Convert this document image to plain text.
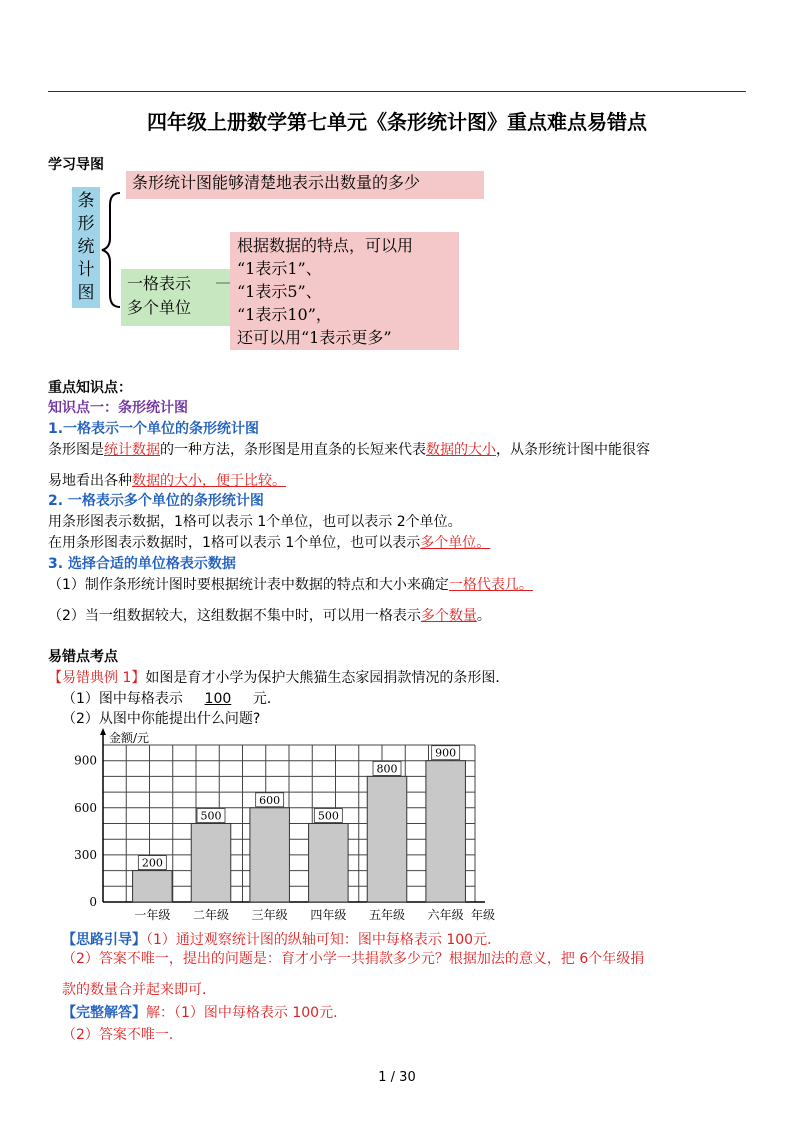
四年级上册数学第七单元《条形统计图》重点难点易错点
学习导图
条
形
统
计
图
条形统计图能够清楚地表示出数量的多少
一格表示
多个单位
根据数据的特点，可以用
“1表示1”、
“1表示5”、
“1表示10”，
还可以用“1表示更多”
重点知识点：
知识点一：条形统计图
1.一格表示一个单位的条形统计图
条形图是统计数据的一种方法，条形图是用直条的长短来代表数据的大小，从条形统计图中能很容
易地看出各种数据的大小，便于比较。
2. 一格表示多个单位的条形统计图
用条形图表示数据，1格可以表示 1个单位，也可以表示 2个单位。
在用条形图表示数据时，1格可以表示 1个单位，也可以表示多个单位。
3. 选择合适的单位格表示数据
（1）制作条形统计图时要根据统计表中数据的特点和大小来确定一格代表几。
（2）当一组数据较大，这组数据不集中时，可以用一格表示多个数量。
易错点考点
【易错典例 1】如图是育才小学为保护大熊猫生态家园捐款情况的条形图．
（1）图中每格表示 100 元．
（2）从图中你能提出什么问题?
金额/元
0
300
600
900
200
一年级
500
二年级
600
三年级
500
四年级
800
五年级
900
六年级 年级
【思路引导】（1）通过观察统计图的纵轴可知：图中每格表示 100元．
（2）答案不唯一，提出的问题是：育才小学一共捐款多少元？根据加法的意义，把 6个年级捐
款的数量合并起来即可．
【完整解答】解：（1）图中每格表示 100元．
（2）答案不唯一．
1 / 30
